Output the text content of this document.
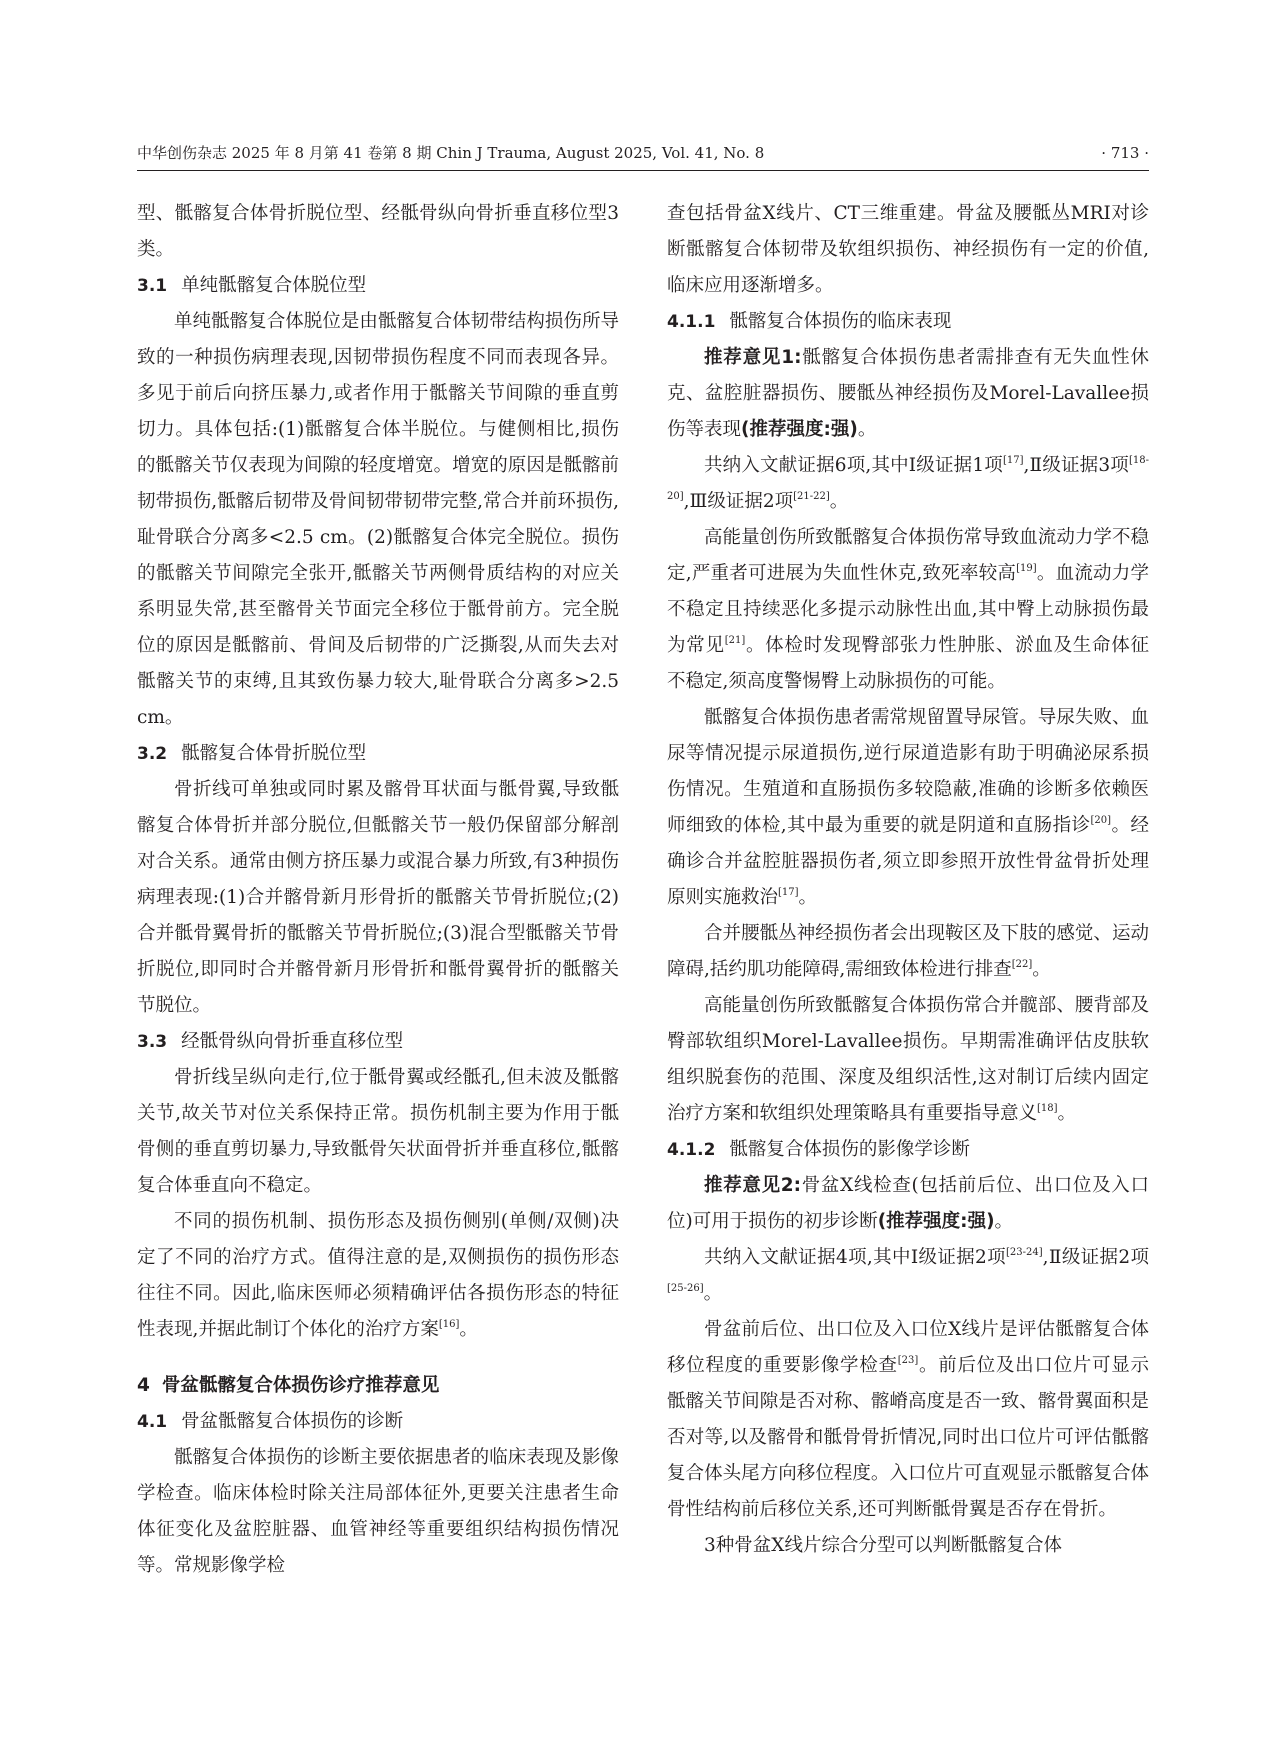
中华创伤杂志 2025 年 8 月第 41 卷第 8 期 Chin J Trauma, August 2025, Vol. 41, No. 8	· 713 ·

型、骶髂复合体骨折脱位型、经骶骨纵向骨折垂直移位型3类。

3.1 单纯骶髂复合体脱位型

单纯骶髂复合体脱位是由骶髂复合体韧带结构损伤所导致的一种损伤病理表现,因韧带损伤程度不同而表现各异。多见于前后向挤压暴力,或者作用于骶髂关节间隙的垂直剪切力。具体包括:(1)骶髂复合体半脱位。与健侧相比,损伤的骶髂关节仅表现为间隙的轻度增宽。增宽的原因是骶髂前韧带损伤,骶髂后韧带及骨间韧带韧带完整,常合并前环损伤,耻骨联合分离多<2.5 cm。(2)骶髂复合体完全脱位。损伤的骶髂关节间隙完全张开,骶髂关节两侧骨质结构的对应关系明显失常,甚至髂骨关节面完全移位于骶骨前方。完全脱位的原因是骶髂前、骨间及后韧带的广泛撕裂,从而失去对骶髂关节的束缚,且其致伤暴力较大,耻骨联合分离多>2.5 cm。

3.2 骶髂复合体骨折脱位型

骨折线可单独或同时累及髂骨耳状面与骶骨翼,导致骶髂复合体骨折并部分脱位,但骶髂关节一般仍保留部分解剖对合关系。通常由侧方挤压暴力或混合暴力所致,有3种损伤病理表现:(1)合并髂骨新月形骨折的骶髂关节骨折脱位;(2)合并骶骨翼骨折的骶髂关节骨折脱位;(3)混合型骶髂关节骨折脱位,即同时合并髂骨新月形骨折和骶骨翼骨折的骶髂关节脱位。

3.3 经骶骨纵向骨折垂直移位型

骨折线呈纵向走行,位于骶骨翼或经骶孔,但未波及骶髂关节,故关节对位关系保持正常。损伤机制主要为作用于骶骨侧的垂直剪切暴力,导致骶骨矢状面骨折并垂直移位,骶髂复合体垂直向不稳定。

不同的损伤机制、损伤形态及损伤侧别(单侧/双侧)决定了不同的治疗方式。值得注意的是,双侧损伤的损伤形态往往不同。因此,临床医师必须精确评估各损伤形态的特征性表现,并据此制订个体化的治疗方案[16]。

4 骨盆骶髂复合体损伤诊疗推荐意见
4.1 骨盆骶髂复合体损伤的诊断

骶髂复合体损伤的诊断主要依据患者的临床表现及影像学检查。临床体检时除关注局部体征外,更要关注患者生命体征变化及盆腔脏器、血管神经等重要组织结构损伤情况等。常规影像学检

查包括骨盆X线片、CT三维重建。骨盆及腰骶丛MRI对诊断骶髂复合体韧带及软组织损伤、神经损伤有一定的价值,临床应用逐渐增多。

4.1.1 骶髂复合体损伤的临床表现

推荐意见1:骶髂复合体损伤患者需排查有无失血性休克、盆腔脏器损伤、腰骶丛神经损伤及Morel-Lavallee损伤等表现(推荐强度:强)。

共纳入文献证据6项,其中Ⅰ级证据1项[17],Ⅱ级证据3项[18-20],Ⅲ级证据2项[21-22]。

高能量创伤所致骶髂复合体损伤常导致血流动力学不稳定,严重者可进展为失血性休克,致死率较高[19]。血流动力学不稳定且持续恶化多提示动脉性出血,其中臀上动脉损伤最为常见[21]。体检时发现臀部张力性肿胀、淤血及生命体征不稳定,须高度警惕臀上动脉损伤的可能。

骶髂复合体损伤患者需常规留置导尿管。导尿失败、血尿等情况提示尿道损伤,逆行尿道造影有助于明确泌尿系损伤情况。生殖道和直肠损伤多较隐蔽,准确的诊断多依赖医师细致的体检,其中最为重要的就是阴道和直肠指诊[20]。经确诊合并盆腔脏器损伤者,须立即参照开放性骨盆骨折处理原则实施救治[17]。

合并腰骶丛神经损伤者会出现鞍区及下肢的感觉、运动障碍,括约肌功能障碍,需细致体检进行排查[22]。

高能量创伤所致骶髂复合体损伤常合并髋部、腰背部及臀部软组织Morel-Lavallee损伤。早期需准确评估皮肤软组织脱套伤的范围、深度及组织活性,这对制订后续内固定治疗方案和软组织处理策略具有重要指导意义[18]。

4.1.2 骶髂复合体损伤的影像学诊断

推荐意见2:骨盆X线检查(包括前后位、出口位及入口位)可用于损伤的初步诊断(推荐强度:强)。

共纳入文献证据4项,其中Ⅰ级证据2项[23-24],Ⅱ级证据2项[25-26]。

骨盆前后位、出口位及入口位X线片是评估骶髂复合体移位程度的重要影像学检查[23]。前后位及出口位片可显示骶髂关节间隙是否对称、髂嵴高度是否一致、髂骨翼面积是否对等,以及髂骨和骶骨骨折情况,同时出口位片可评估骶髂复合体头尾方向移位程度。入口位片可直观显示骶髂复合体骨性结构前后移位关系,还可判断骶骨翼是否存在骨折。

3种骨盆X线片综合分型可以判断骶髂复合体
